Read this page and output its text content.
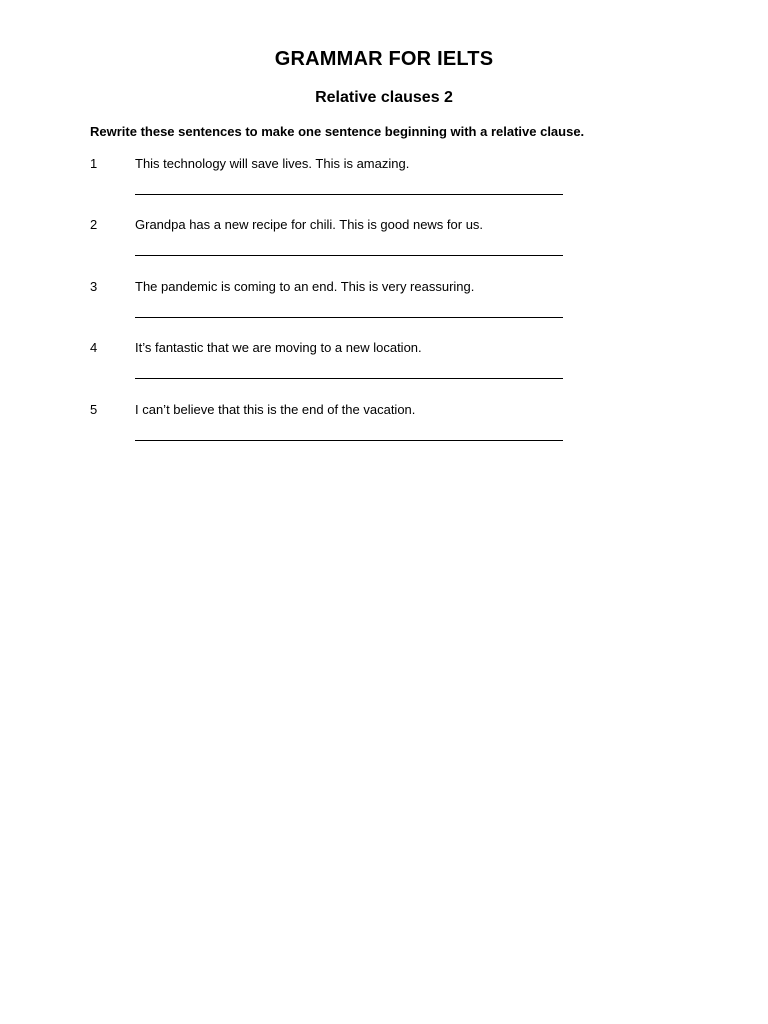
GRAMMAR FOR IELTS
Relative clauses 2

Rewrite these sentences to make one sentence beginning with a relative clause.

1	This technology will save lives. This is amazing.
2	Grandpa has a new recipe for chili. This is good news for us.
3	The pandemic is coming to an end. This is very reassuring.
4	It’s fantastic that we are moving to a new location.
5	I can’t believe that this is the end of the vacation.
